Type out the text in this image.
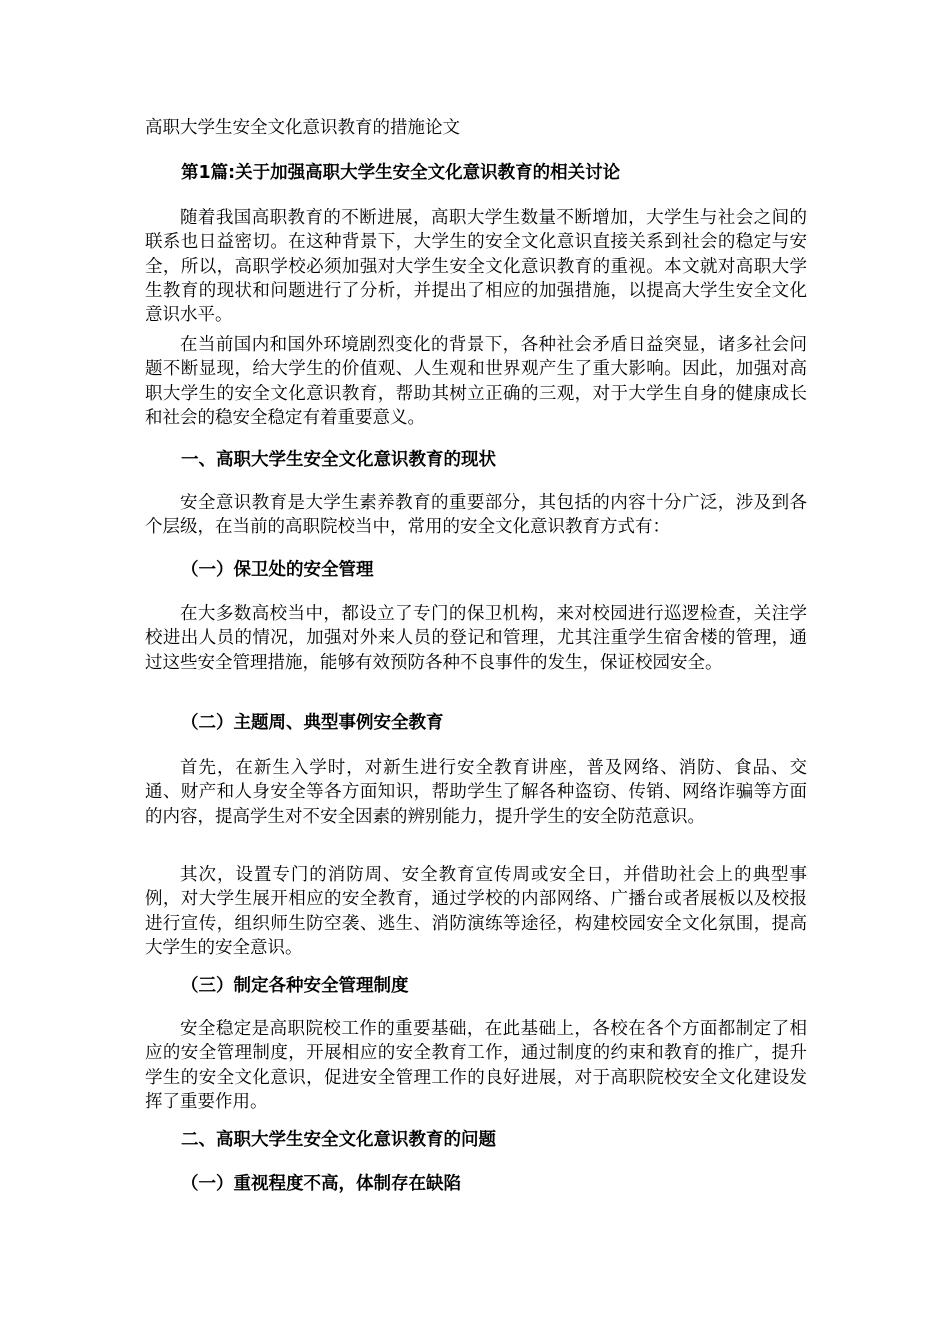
高职大学生安全文化意识教育的措施论文
第1篇:关于加强高职大学生安全文化意识教育的相关讨论
随着我国高职教育的不断进展，高职大学生数量不断增加，大学生与社会之间的联系也日益密切。在这种背景下，大学生的安全文化意识直接关系到社会的稳定与安全，所以，高职学校必须加强对大学生安全文化意识教育的重视。本文就对高职大学生教育的现状和问题进行了分析，并提出了相应的加强措施，以提高大学生安全文化意识水平。
在当前国内和国外环境剧烈变化的背景下，各种社会矛盾日益突显，诸多社会问题不断显现，给大学生的价值观、人生观和世界观产生了重大影响。因此，加强对高职大学生的安全文化意识教育，帮助其树立正确的三观，对于大学生自身的健康成长和社会的稳安全稳定有着重要意义。
一、高职大学生安全文化意识教育的现状
安全意识教育是大学生素养教育的重要部分，其包括的内容十分广泛，涉及到各个层级，在当前的高职院校当中，常用的安全文化意识教育方式有：
（一）保卫处的安全管理
在大多数高校当中，都设立了专门的保卫机构，来对校园进行巡逻检查，关注学校进出人员的情况，加强对外来人员的登记和管理，尤其注重学生宿舍楼的管理，通过这些安全管理措施，能够有效预防各种不良事件的发生，保证校园安全。
（二）主题周、典型事例安全教育
首先，在新生入学时，对新生进行安全教育讲座，普及网络、消防、食品、交通、财产和人身安全等各方面知识，帮助学生了解各种盗窃、传销、网络诈骗等方面的内容，提高学生对不安全因素的辨别能力，提升学生的安全防范意识。
其次，设置专门的消防周、安全教育宣传周或安全日，并借助社会上的典型事例，对大学生展开相应的安全教育，通过学校的内部网络、广播台或者展板以及校报进行宣传，组织师生防空袭、逃生、消防演练等途径，构建校园安全文化氛围，提高大学生的安全意识。
（三）制定各种安全管理制度
安全稳定是高职院校工作的重要基础，在此基础上，各校在各个方面都制定了相应的安全管理制度，开展相应的安全教育工作，通过制度的约束和教育的推广，提升学生的安全文化意识，促进安全管理工作的良好进展，对于高职院校安全文化建设发挥了重要作用。
二、高职大学生安全文化意识教育的问题
（一）重视程度不高，体制存在缺陷
